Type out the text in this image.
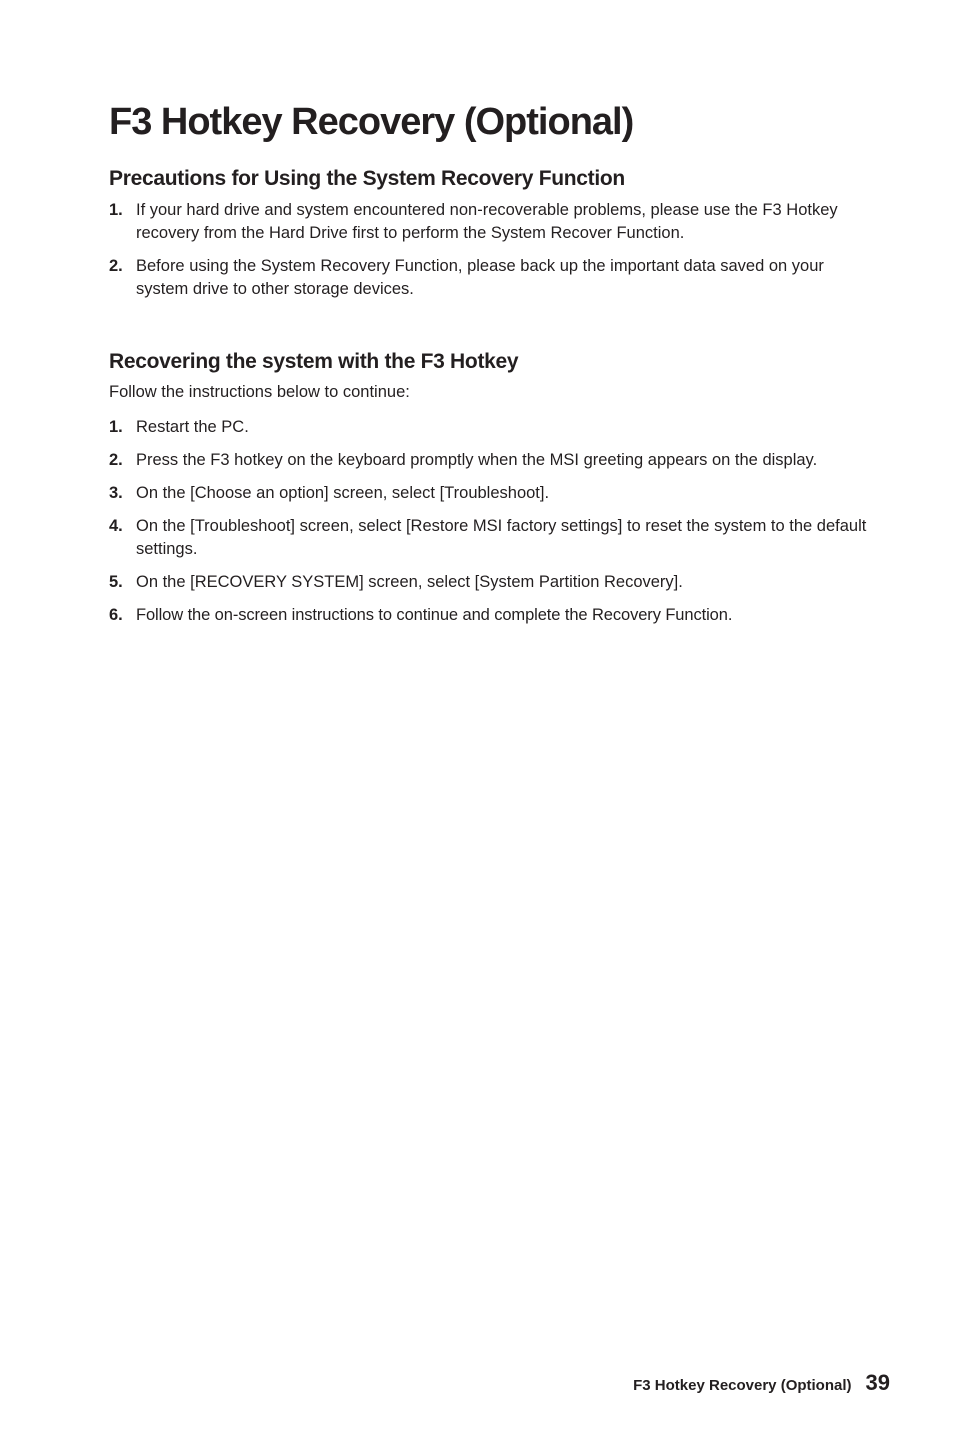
F3 Hotkey Recovery (Optional)
Precautions for Using the System Recovery Function
1. If your hard drive and system encountered non-recoverable problems, please use the F3 Hotkey recovery from the Hard Drive first to perform the System Recover Function.
2. Before using the System Recovery Function, please back up the important data saved on your system drive to other storage devices.
Recovering the system with the F3 Hotkey

Follow the instructions below to continue:

1. Restart the PC.
2. Press the F3 hotkey on the keyboard promptly when the MSI greeting appears on the display.
3. On the [Choose an option] screen, select [Troubleshoot].
4. On the [Troubleshoot] screen, select [Restore MSI factory settings] to reset the system to the default settings.
5. On the [RECOVERY SYSTEM] screen, select [System Partition Recovery].
6. Follow the on-screen instructions to continue and complete the Recovery Function.
F3 Hotkey Recovery (Optional) 39
